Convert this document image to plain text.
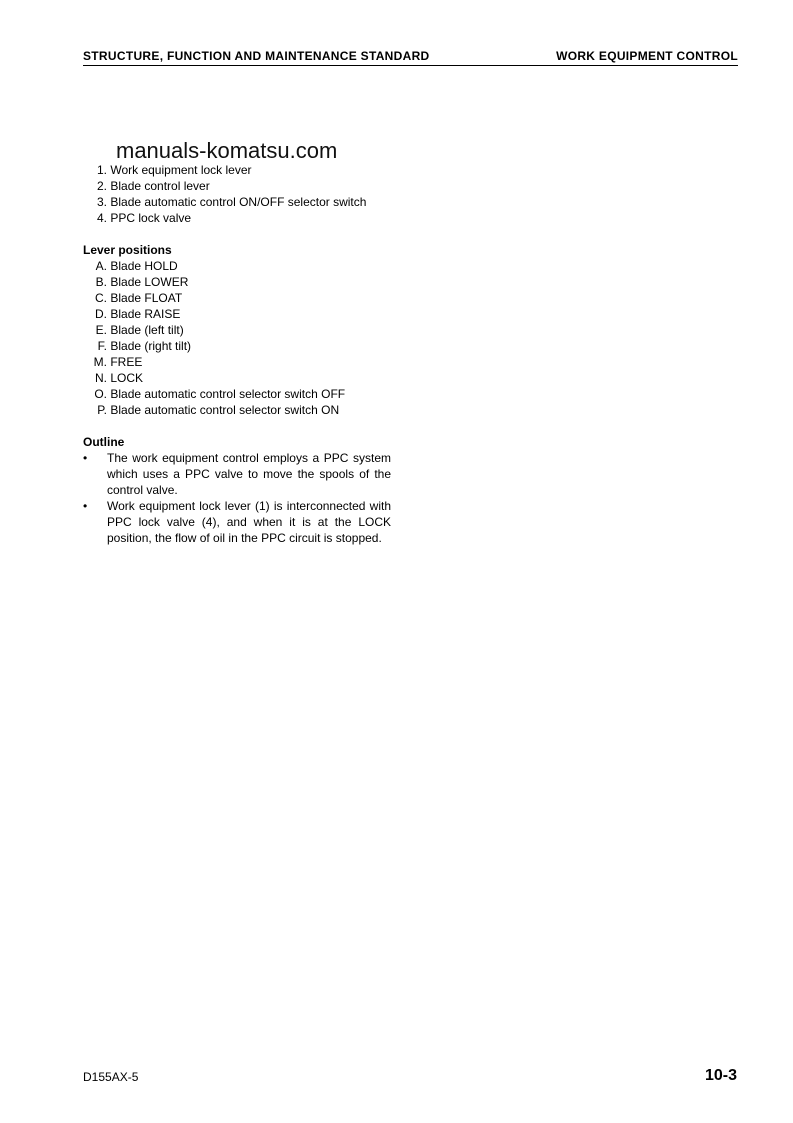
STRUCTURE, FUNCTION AND MAINTENANCE STANDARD	WORK EQUIPMENT CONTROL
manuals-komatsu.com
1.
Work equipment lock lever
2.
Blade control lever
3.
Blade automatic control ON/OFF selector switch
4.
PPC lock valve
Lever positions
A.
Blade HOLD
B.
Blade LOWER
C.
Blade FLOAT
D.
Blade RAISE
E.
Blade (left tilt)
F.
Blade (right tilt)
M.
FREE
N.
LOCK
O.
Blade automatic control selector switch OFF
P.
Blade automatic control selector switch ON
Outline
•	The work equipment control employs a PPC system which uses a PPC valve to move the spools of the control valve.
•	Work equipment lock lever (1) is interconnected with PPC lock valve (4), and when it is at the LOCK position, the flow of oil in the PPC circuit is stopped.
D155AX-5	10-3
